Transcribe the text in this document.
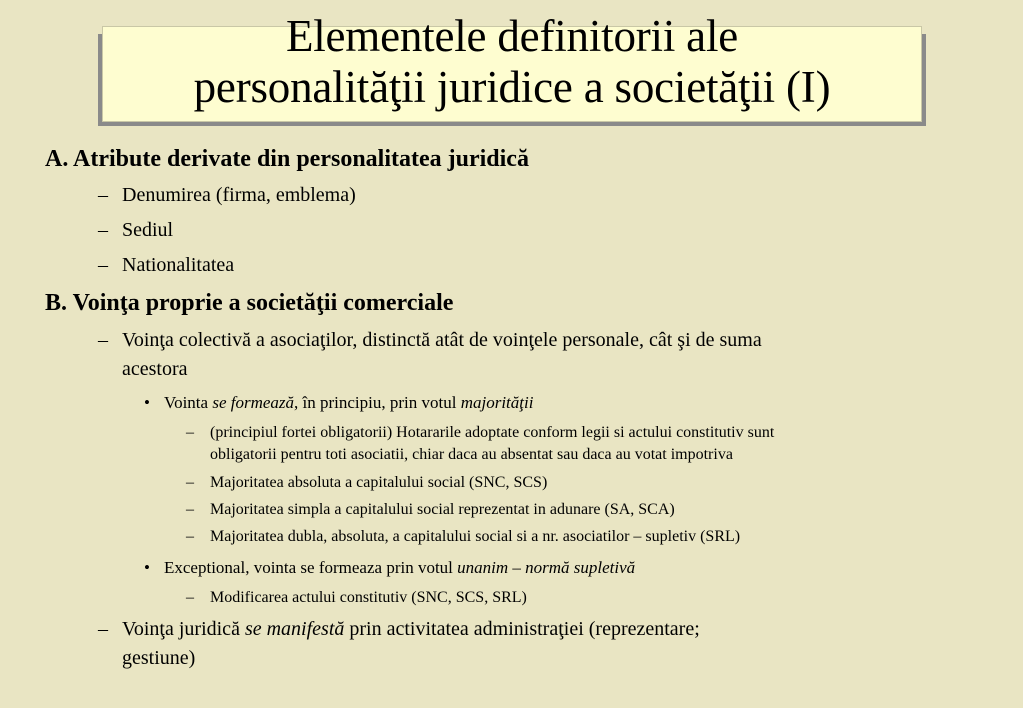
Elementele definitorii ale
personalităţii juridice a societăţii (I)
A. Atribute derivate din personalitatea juridică
– Denumirea (firma, emblema)
– Sediul
– Nationalitatea
B. Voinţa proprie a societăţii comerciale
– Voinţa colectivă a asociaţilor, distinctă atât de voinţele personale, cât şi de suma
acestora
• Vointa se formează, în principiu, prin votul majorităţii
– (principiul fortei obligatorii) Hotararile adoptate conform legii si actului constitutiv sunt
obligatorii pentru toti asociatii, chiar daca au absentat sau daca au votat impotriva
– Majoritatea absoluta a capitalului social (SNC, SCS)
– Majoritatea simpla a capitalului social reprezentat in adunare (SA, SCA)
– Majoritatea dubla, absoluta, a capitalului social si a nr. asociatilor – supletiv (SRL)
• Exceptional, vointa se formeaza prin votul unanim – normă supletivă
– Modificarea actului constitutiv (SNC, SCS, SRL)
– Voinţa juridică se manifestă prin activitatea administraţiei (reprezentare;
gestiune)
